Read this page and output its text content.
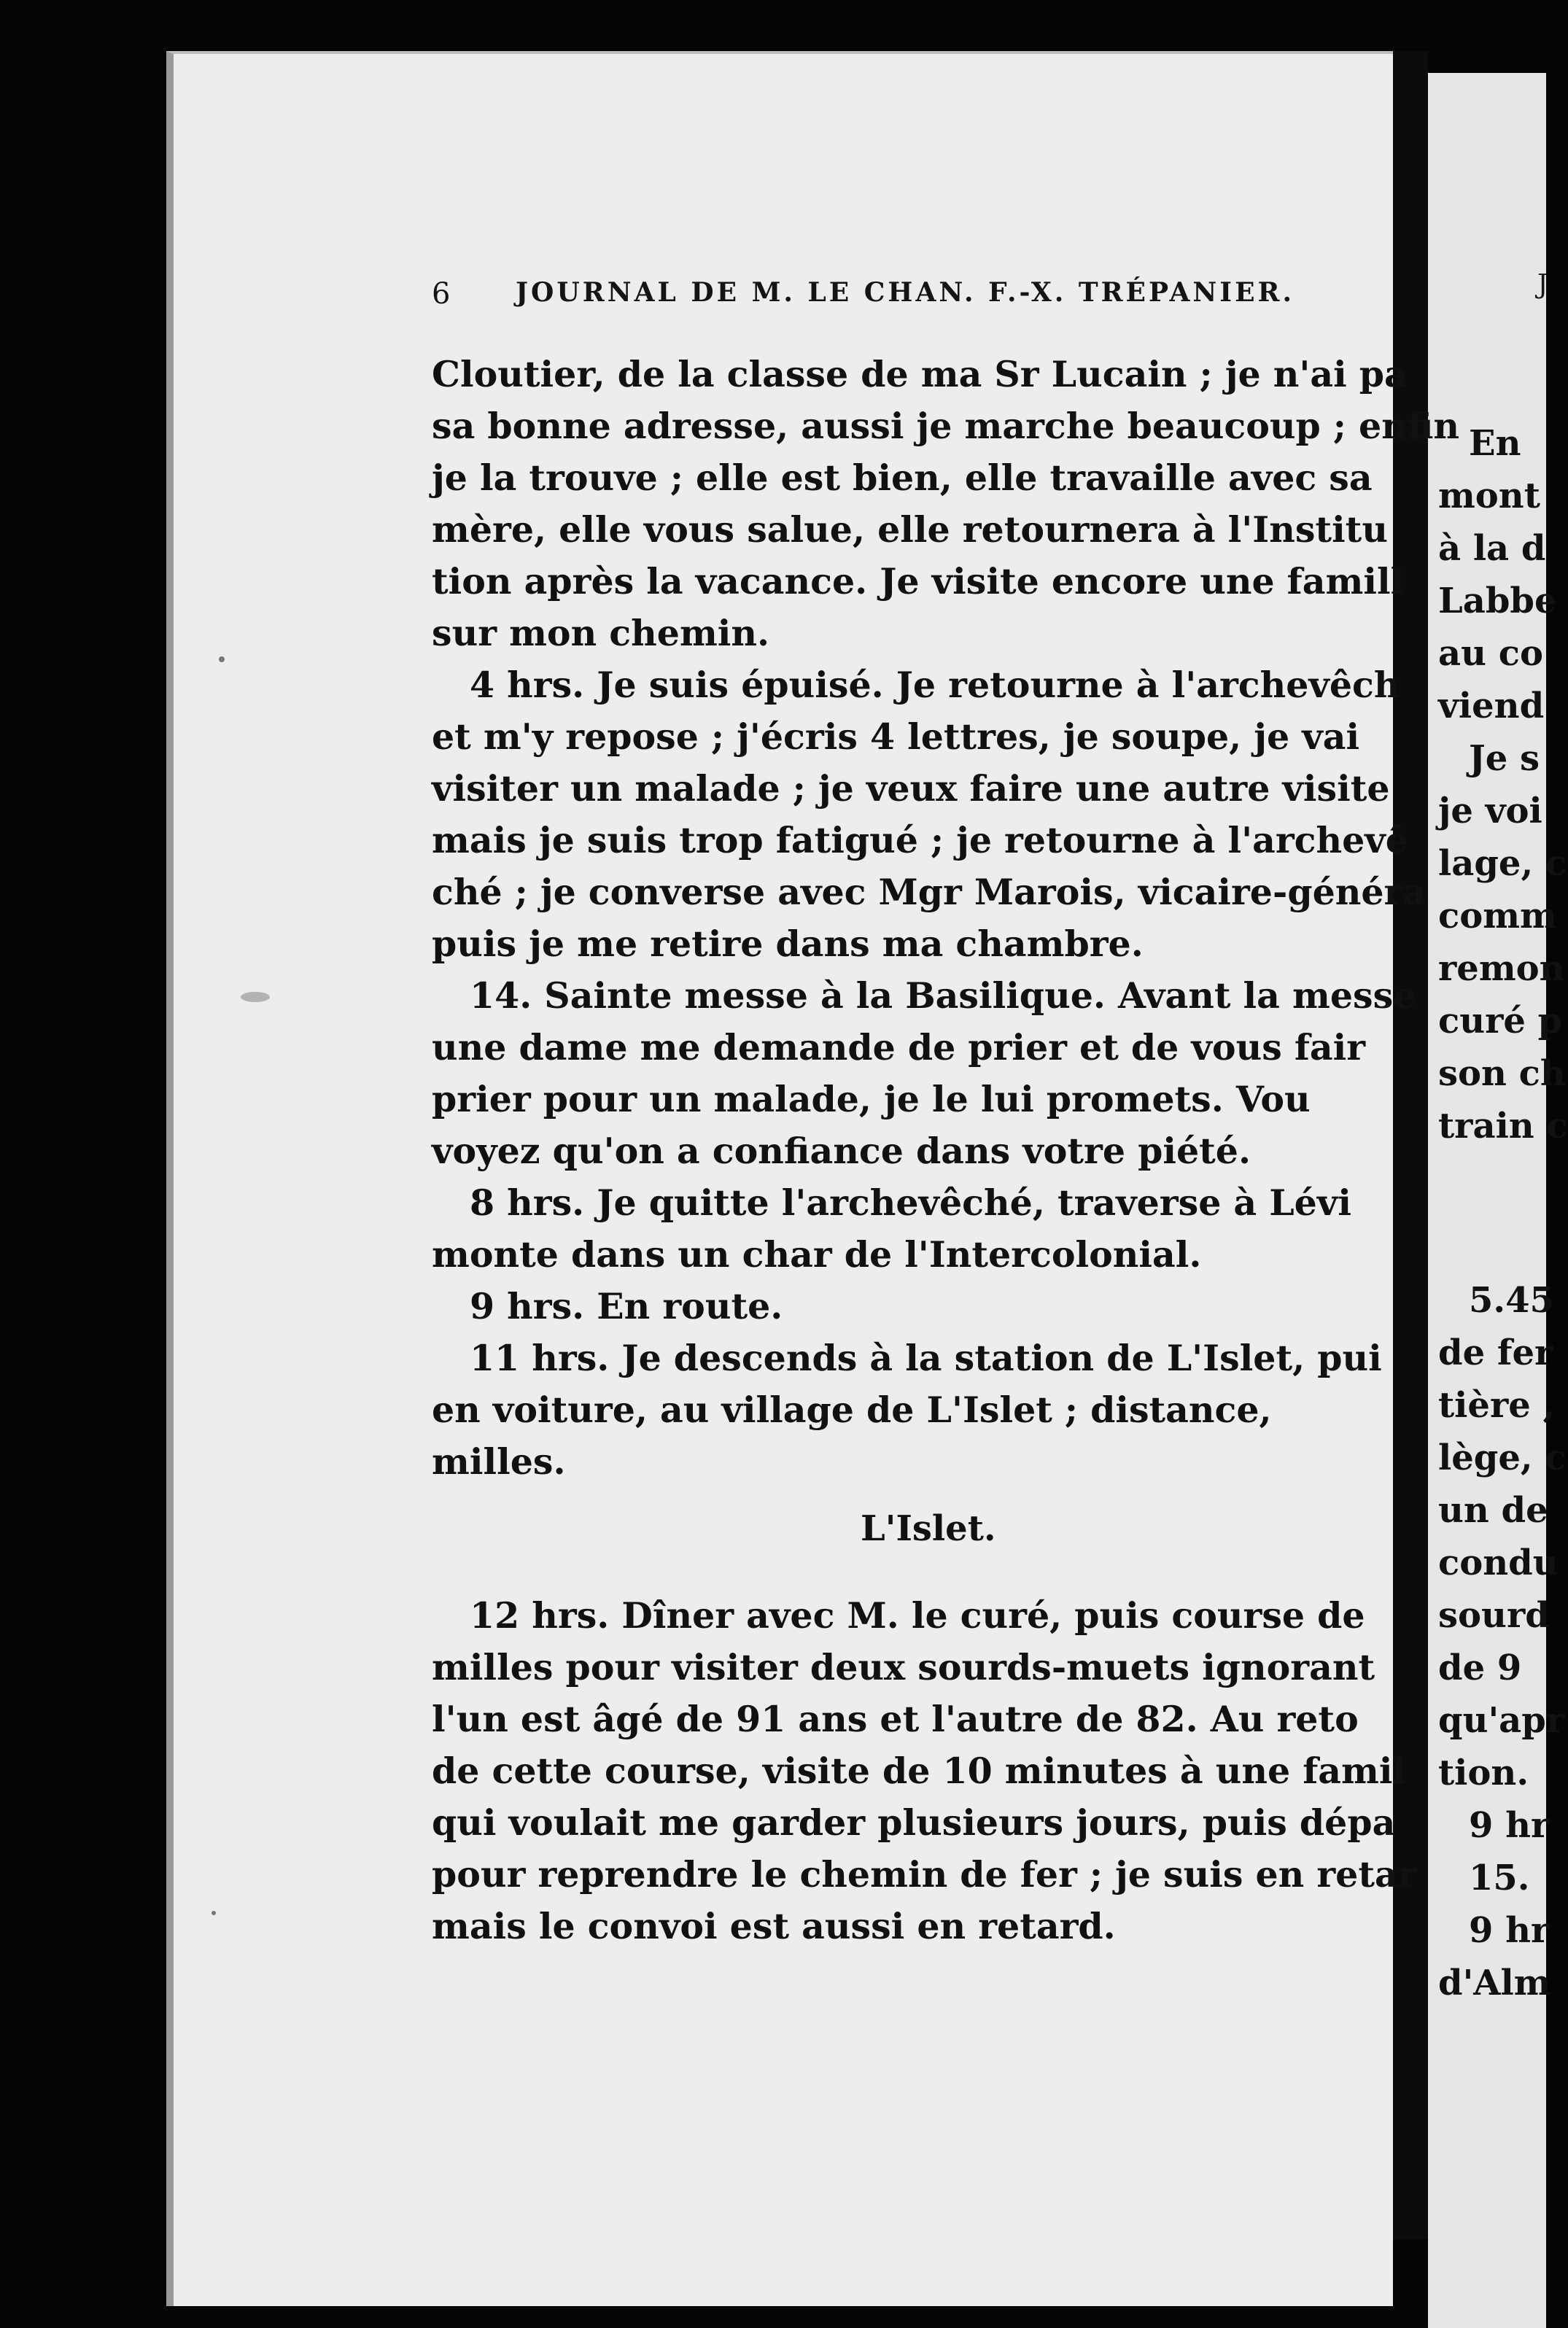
J
En
mont
à la d
Labbe
au co
viend
Je s
je voi
lage, c
comm
remon
curé p
son ch
train c
5.45
de fer
tière ,
lège, c
un de
condu
sourd
de 9
qu'apr
tion.
9 hr
15.
9 hr
d'Alm
6 JOURNAL DE M. LE CHAN. F.-X. TRÉPANIER.
Cloutier, de la classe de ma Sr Lucain ; je n'ai pa
sa bonne adresse, aussi je marche beaucoup ; enfin
je la trouve ; elle est bien, elle travaille avec sa
mère, elle vous salue, elle retournera à l'Institu
tion après la vacance. Je visite encore une famill
sur mon chemin.
4 hrs. Je suis épuisé. Je retourne à l'archevêch
et m'y repose ; j'écris 4 lettres, je soupe, je vai
visiter un malade ; je veux faire une autre visite
mais je suis trop fatigué ; je retourne à l'archevê
ché ; je converse avec Mgr Marois, vicaire-généra
puis je me retire dans ma chambre.
14. Sainte messe à la Basilique. Avant la messe
une dame me demande de prier et de vous fair
prier pour un malade, je le lui promets. Vou
voyez qu'on a confiance dans votre piété.
8 hrs. Je quitte l'archevêché, traverse à Lévi
monte dans un char de l'Intercolonial.
9 hrs. En route.
11 hrs. Je descends à la station de L'Islet, pui
en voiture, au village de L'Islet ; distance,
milles.
L'Islet.
12 hrs. Dîner avec M. le curé, puis course de
milles pour visiter deux sourds-muets ignorant
l'un est âgé de 91 ans et l'autre de 82. Au reto
de cette course, visite de 10 minutes à une famil
qui voulait me garder plusieurs jours, puis dépa
pour reprendre le chemin de fer ; je suis en retar
mais le convoi est aussi en retard.
